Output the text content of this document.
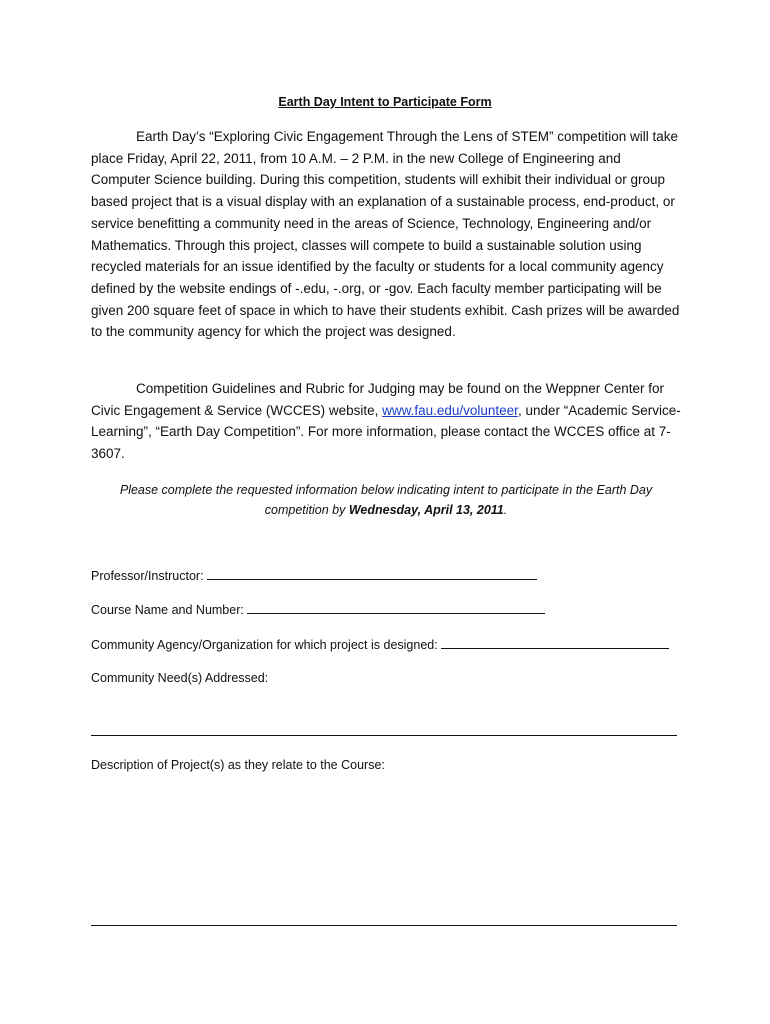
Earth Day Intent to Participate Form

Earth Day’s “Exploring Civic Engagement Through the Lens of STEM” competition will take place Friday, April 22, 2011, from 10 A.M. – 2 P.M. in the new College of Engineering and Computer Science building. During this competition, students will exhibit their individual or group based project that is a visual display with an explanation of a sustainable process, end-product, or service benefitting a community need in the areas of Science, Technology, Engineering and/or Mathematics. Through this project, classes will compete to build a sustainable solution using recycled materials for an issue identified by the faculty or students for a local community agency defined by the website endings of -.edu, -.org, or -gov. Each faculty member participating will be given 200 square feet of space in which to have their students exhibit. Cash prizes will be awarded to the community agency for which the project was designed.

Competition Guidelines and Rubric for Judging may be found on the Weppner Center for Civic Engagement & Service (WCCES) website, www.fau.edu/volunteer, under “Academic Service-Learning”, “Earth Day Competition”. For more information, please contact the WCCES office at 7-3607.

Please complete the requested information below indicating intent to participate in the Earth Day competition by Wednesday, April 13, 2011.
Professor/Instructor:
Course Name and Number:
Community Agency/Organization for which project is designed:
Community Need(s) Addressed:
Description of Project(s) as they relate to the Course:
